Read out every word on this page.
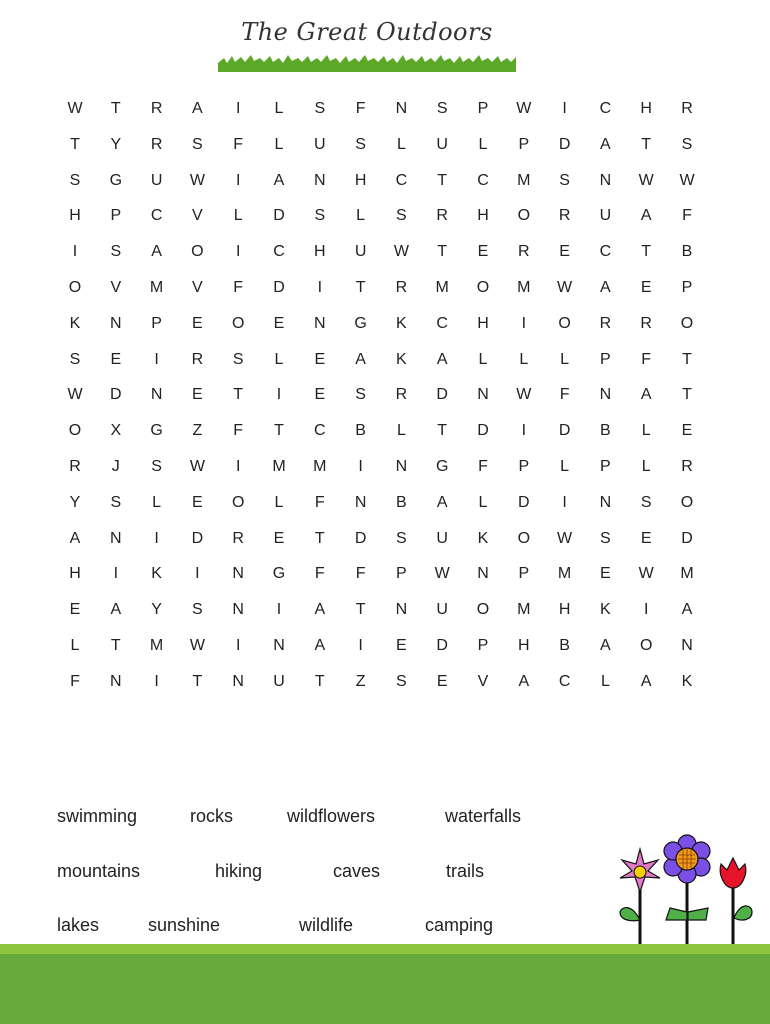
The Great Outdoors
W	T	R	A	I	L	S	F	N	S	P	W	I	C	H	R
T	Y	R	S	F	L	U	S	L	U	L	P	D	A	T	S
S	G	U	W	I	A	N	H	C	T	C	M	S	N	W	W
H	P	C	V	L	D	S	L	S	R	H	O	R	U	A	F
I	S	A	O	I	C	H	U	W	T	E	R	E	C	T	B
O	V	M	V	F	D	I	T	R	M	O	M	W	A	E	P
K	N	P	E	O	E	N	G	K	C	H	I	O	R	R	O
S	E	I	R	S	L	E	A	K	A	L	L	L	P	F	T
W	D	N	E	T	I	E	S	R	D	N	W	F	N	A	T
O	X	G	Z	F	T	C	B	L	T	D	I	D	B	L	E
R	J	S	W	I	M	M	I	N	G	F	P	L	P	L	R
Y	S	L	E	O	L	F	N	B	A	L	D	I	N	S	O
A	N	I	D	R	E	T	D	S	U	K	O	W	S	E	D
H	I	K	I	N	G	F	F	P	W	N	P	M	E	W	M
E	A	Y	S	N	I	A	T	N	U	O	M	H	K	I	A
L	T	M	W	I	N	A	I	E	D	P	H	B	A	O	N
F	N	I	T	N	U	T	Z	S	E	V	A	C	L	A	K
swimming	rocks	wildflowers	waterfalls
mountains	hiking	caves	trails
lakes	sunshine	wildlife	camping
